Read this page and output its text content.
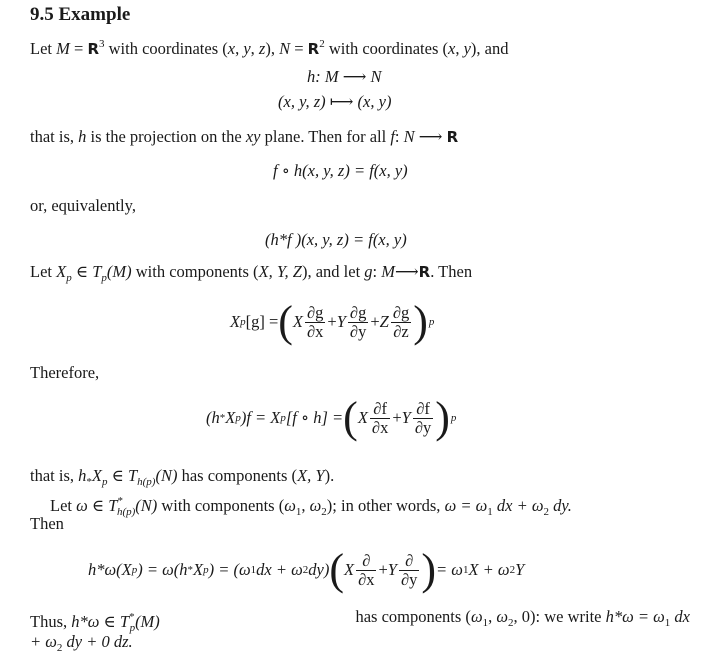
9.5 Example
Let $M = R^3$ with coordinates (x, y, z), $N = R^2$ with coordinates (x, y), and
h: M ⟶ N
(x, y, z) ⟼ (x, y)
that is, h is the projection on the xy plane. Then for all f: N ⟶ R
f ∘ h(x, y, z) = f(x, y)
or, equivalently,
(h*f )(x, y, z) = f(x, y)
Let $X_p$ ∈ $T_p(M)$ with components (X, Y, Z), and let g: M⟶R. Then
X p [g] = ( X $\frac{\partial g}{\partial x} + Y \frac{\partial g}{\partial y} + Z \frac{\partial g}{\partial z}$ ) p
Therefore,
(h * X p )f = X p [f ∘ h] = ( X $\frac{\partial f}{\partial x} + Y \frac{\partial f}{\partial y}$ ) p
that is, $h_*X_p$ ∈ $T_{h(p)}(N)$ has components (X, Y).
Let ω ∈ $T^*_{h(p)}(N)$ with components ($\omega_1$, $\omega_2$); in other words, $\omega = \omega_1$ dx + $\omega_2$ dy.
Then
h*ω(X p ) = ω(h * X p ) = (ω 1 dx + ω 2 dy) ( X $\frac{\partial}{\partial x} + Y \frac{\partial}{\partial y}$ ) = ω 1 X + ω 2 Y
Thus, h*ω ∈ $T^*_p(M)$	has components ($\omega_1$, $\omega_2$, 0): we write $h*\omega = \omega_1$ dx
+ $\omega_2$ dy + 0 dz.
